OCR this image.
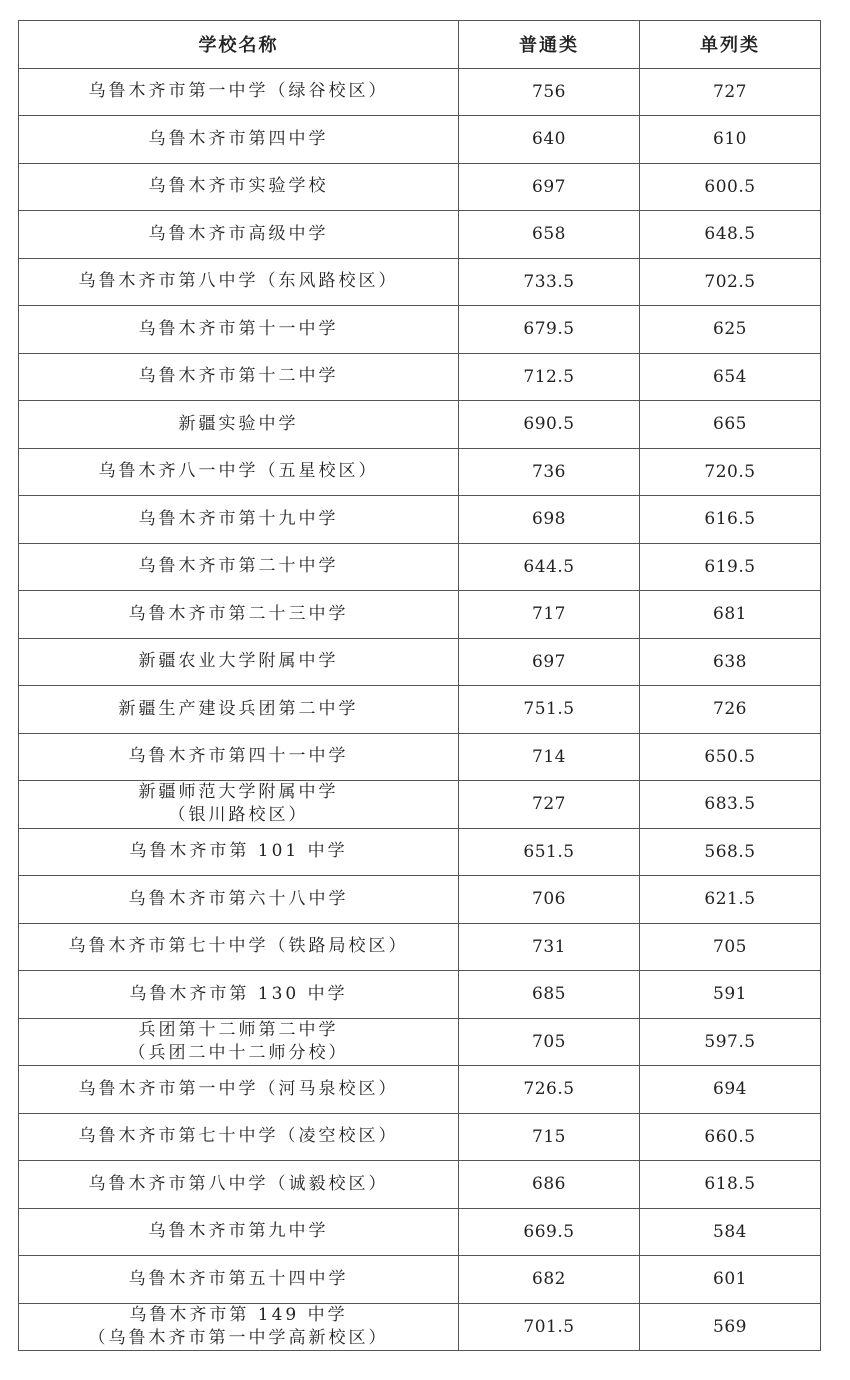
学校名称	普通类	单列类

乌鲁木齐市第一中学（绿谷校区）	756	727

乌鲁木齐市第四中学	640	610

乌鲁木齐市实验学校	697	600.5

乌鲁木齐市高级中学	658	648.5

乌鲁木齐市第八中学（东风路校区）	733.5	702.5

乌鲁木齐市第十一中学	679.5	625

乌鲁木齐市第十二中学	712.5	654

新疆实验中学	690.5	665

乌鲁木齐八一中学（五星校区）	736	720.5

乌鲁木齐市第十九中学	698	616.5

乌鲁木齐市第二十中学	644.5	619.5

乌鲁木齐市第二十三中学	717	681

新疆农业大学附属中学	697	638

新疆生产建设兵团第二中学	751.5	726

乌鲁木齐市第四十一中学	714	650.5

新疆师范大学附属中学
（银川路校区）	727	683.5

乌鲁木齐市第 101 中学	651.5	568.5

乌鲁木齐市第六十八中学	706	621.5

乌鲁木齐市第七十中学（铁路局校区）	731	705

乌鲁木齐市第 130 中学	685	591

兵团第十二师第二中学
（兵团二中十二师分校）	705	597.5

乌鲁木齐市第一中学（河马泉校区）	726.5	694

乌鲁木齐市第七十中学（凌空校区）	715	660.5

乌鲁木齐市第八中学（诚毅校区）	686	618.5

乌鲁木齐市第九中学	669.5	584

乌鲁木齐市第五十四中学	682	601

乌鲁木齐市第 149 中学
（乌鲁木齐市第一中学高新校区）	701.5	569
